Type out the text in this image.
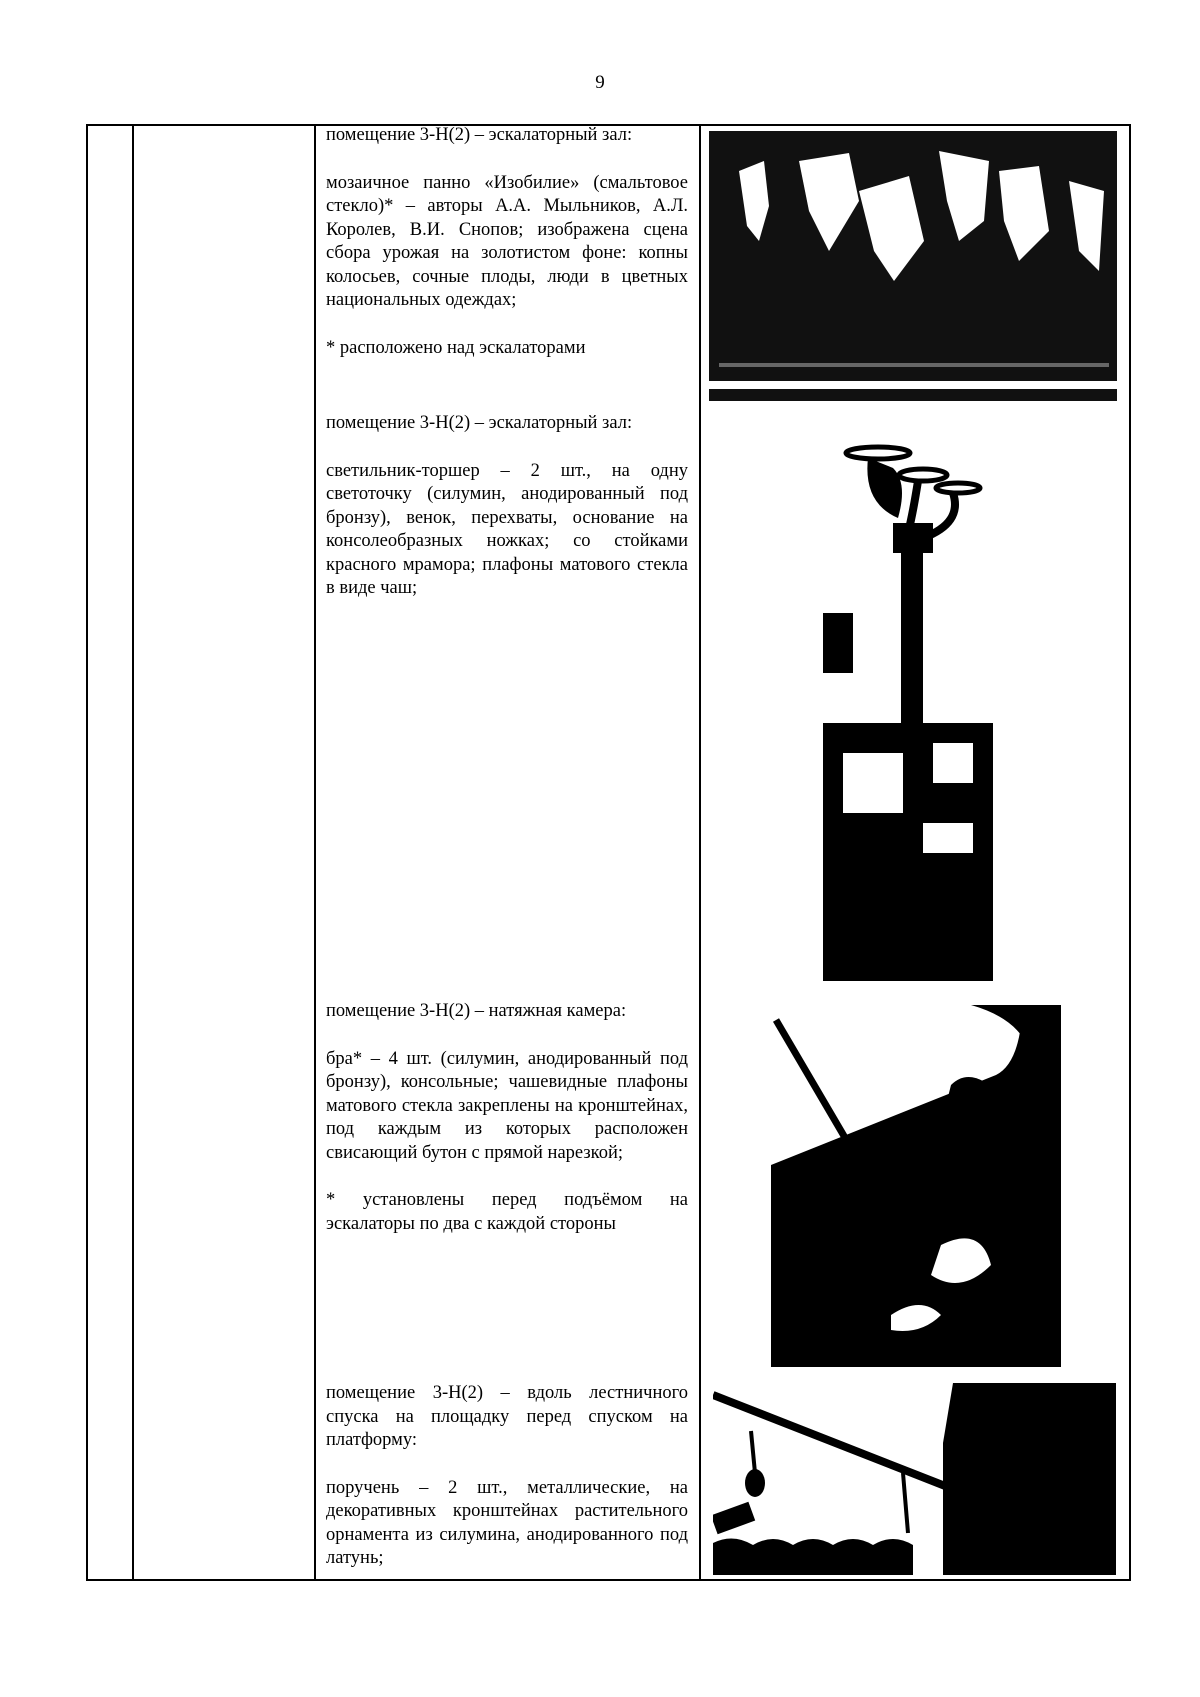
9

помещение 3-Н(2) – эскалаторный зал:

мозаичное панно «Изобилие» (смальтовое стекло)* – авторы А.А. Мыльников, А.Л. Королев, В.И. Снопов; изображена сцена сбора урожая на золотистом фоне: копны колосьев, сочные плоды, люди в цветных национальных одеждах;

* расположено над эскалаторами

помещение 3-Н(2) – эскалаторный зал:

светильник-торшер – 2 шт., на одну светоточку (силумин, анодированный под бронзу), венок, перехваты, основание на консолеобразных ножках; со стойками красного мрамора; плафоны матового стекла в виде чаш;

помещение 3-Н(2) – натяжная камера:

бра* – 4 шт. (силумин, анодированный под бронзу), консольные; чашевидные плафоны матового стекла закреплены на кронштейнах, под каждым из которых расположен свисающий бутон с прямой нарезкой;

* установлены перед подъёмом на эскалаторы по два с каждой стороны

помещение 3-Н(2) – вдоль лестничного спуска на площадку перед спуском на платформу:

поручень – 2 шт., металлические, на декоративных кронштейнах растительного орнамента из силумина, анодированного под латунь;
